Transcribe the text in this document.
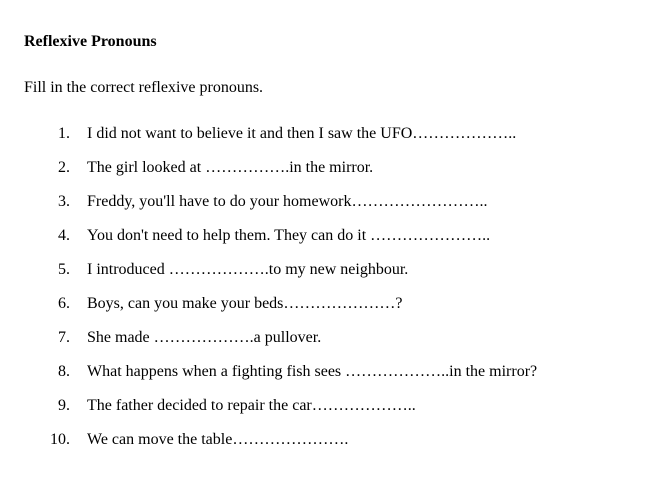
Reflexive Pronouns
Fill in the correct reflexive pronouns.
1. I did not want to believe it and then I saw the UFO………………..
2. The girl looked at …………….in the mirror.
3. Freddy, you'll have to do your homework……………………..
4. You don't need to help them. They can do it …………………..
5. I introduced ……………….to my new neighbour.
6. Boys, can you make your beds…………………?
7. She made ……………….a pullover.
8. What happens when a fighting fish sees ………………..in the mirror?
9. The father decided to repair the car………………..
10. We can move the table………………….
